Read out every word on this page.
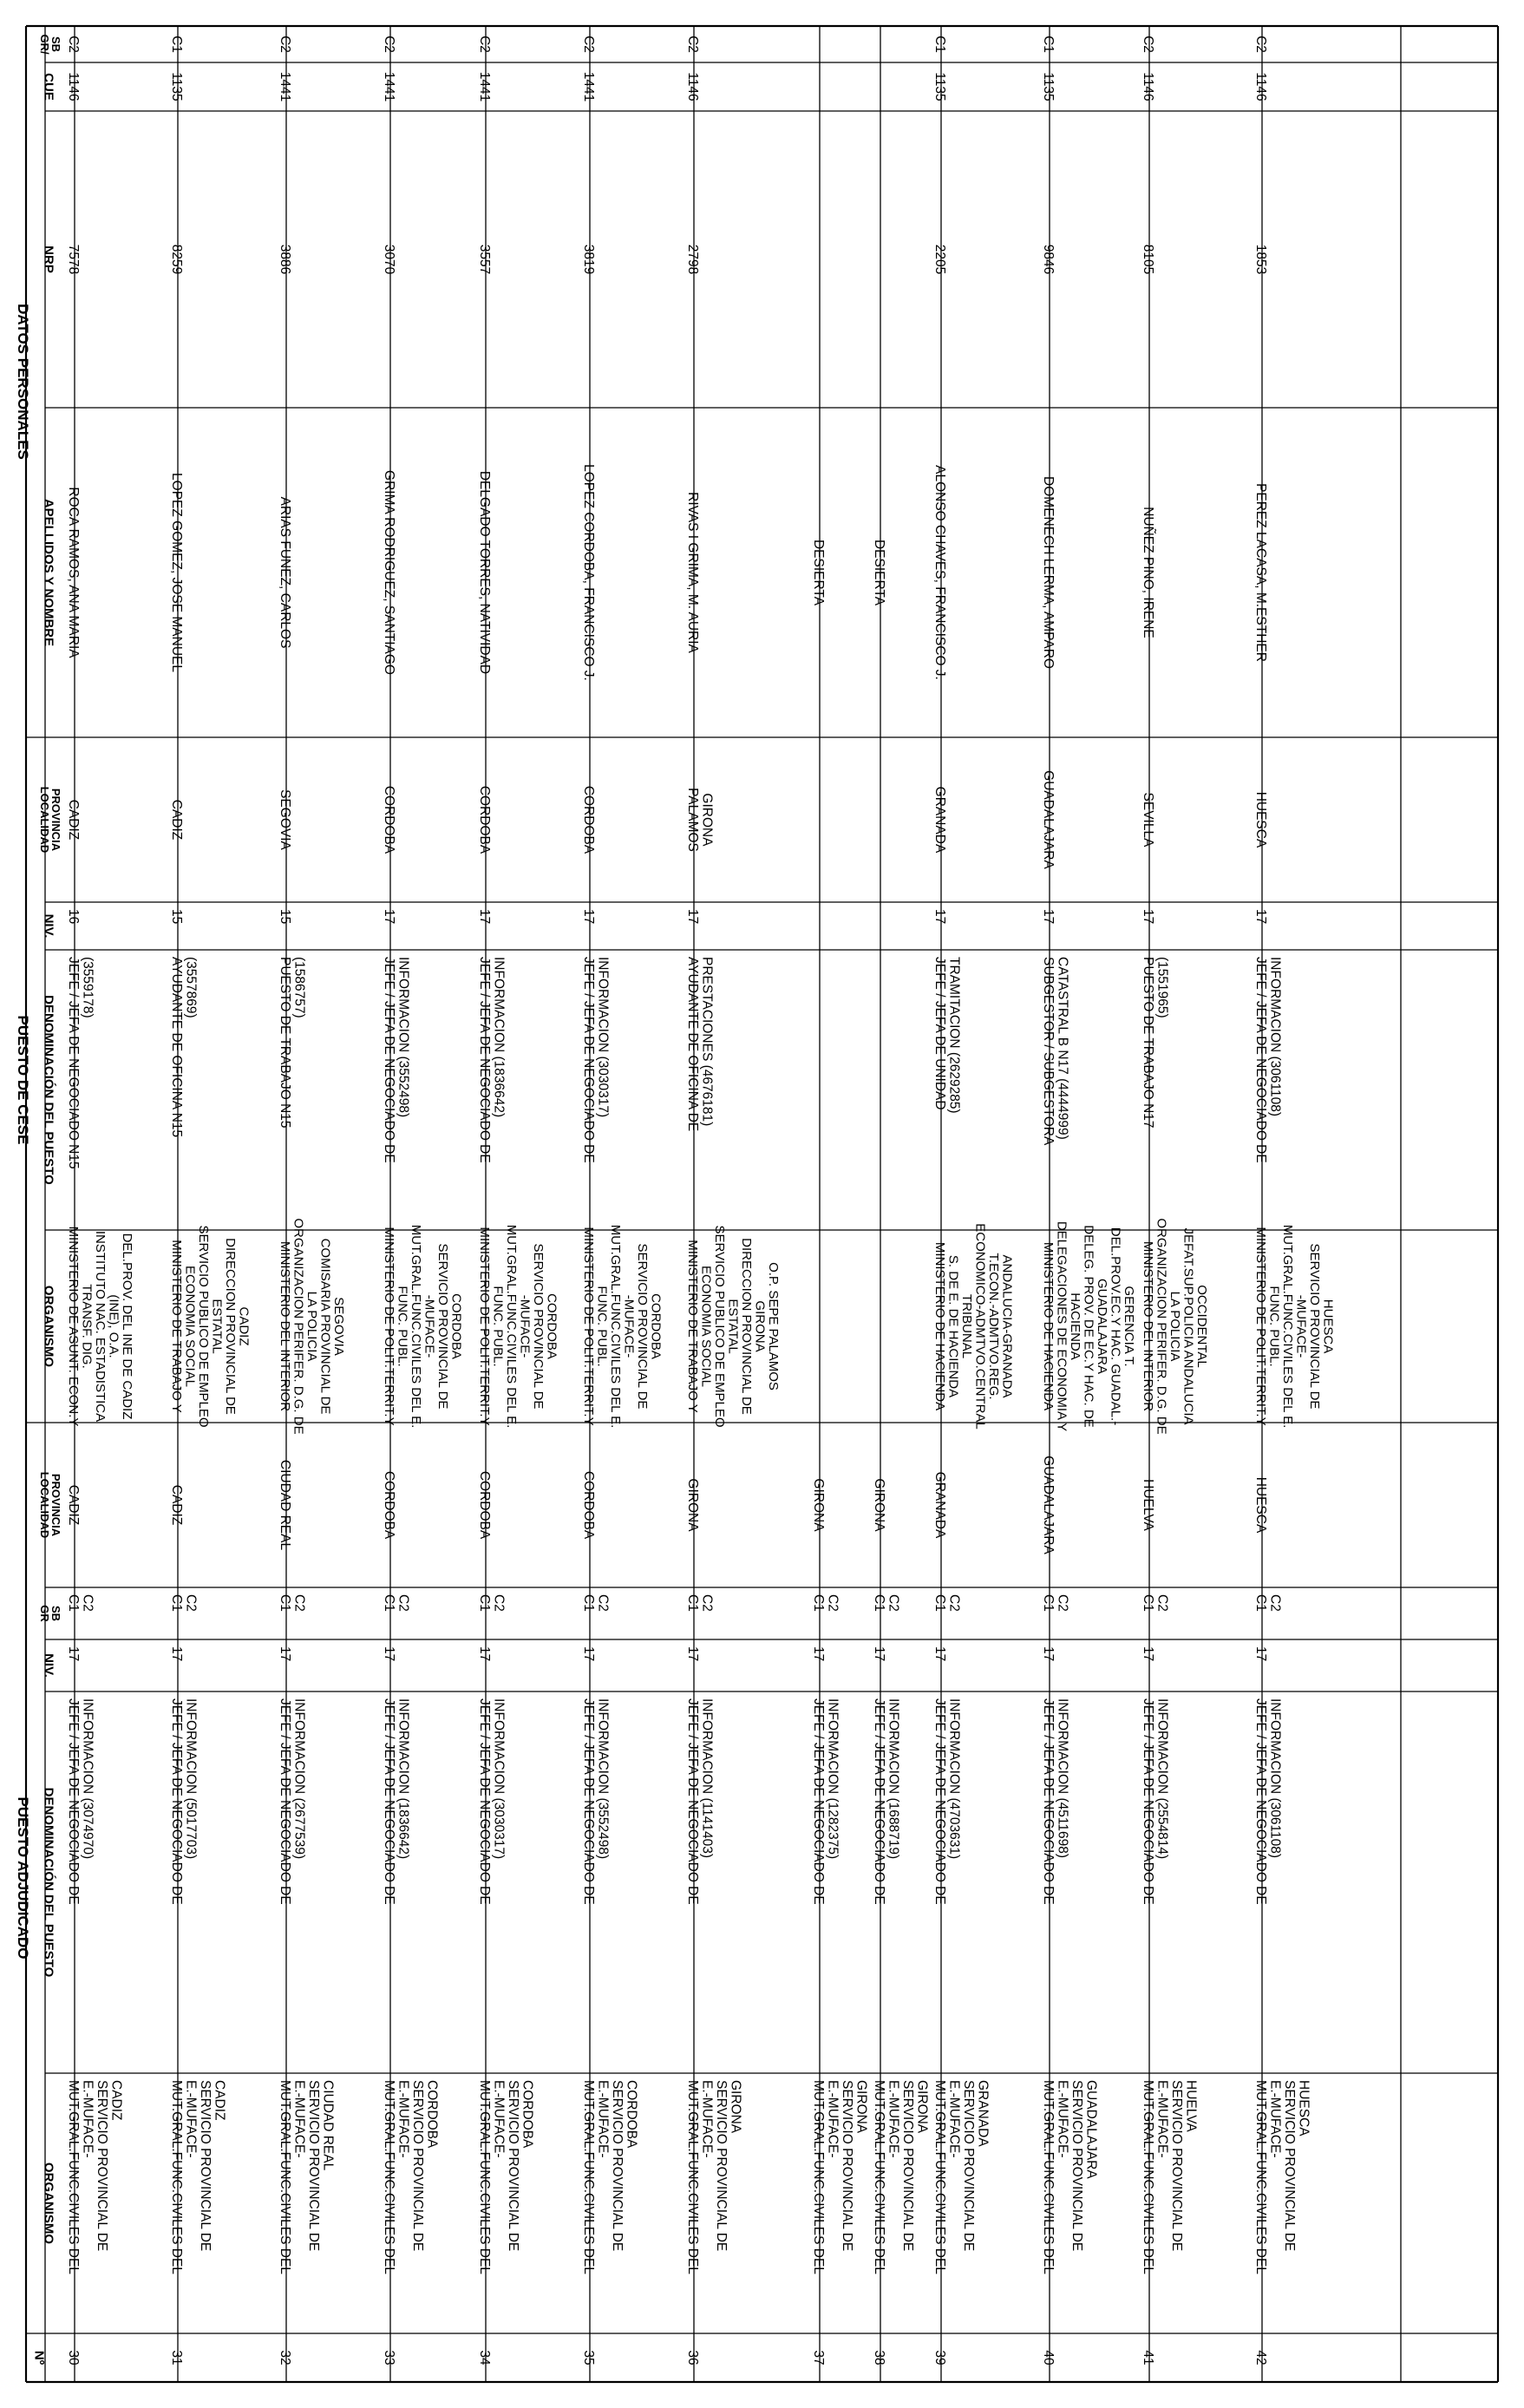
DATOS PERSONALES
PUESTO DE CESE
PUESTO ADJUDICADO
GR/
SB
CUE
NRP
APELLIDOS Y NOMBRE
LOCALIDAD
PROVINCIA
NIV.
DENOMINACIÓN DEL PUESTO
ORGANISMO
LOCALIDAD
PROVINCIA
GR
SB
NIV.
DENOMINACIÓN DEL PUESTO
ORGANISMO
Nº 30
MUT.GRAL.FUNC.CIVILES DEL E.-MUFACE- SERVICIO PROVINCIAL DE CADIZ
JEFE / JEFA DE NEGOCIADO DE INFORMACION (3074970)
17
C1 C2
CADIZ
MINISTERIO DE ASUNT. ECON.Y
TRANSF. DIG.
INSTITUTO NAC. ESTADISTICA
(INE), O.A.
DEL.PROV. DEL INE DE CADIZ
JEFE / JEFA DE NEGOCIADO N15 (3559178)
16
CADIZ
ROCA RAMOS, ANA MARIA
7578
1146
C2
31
MUT.GRAL.FUNC.CIVILES DEL E.-MUFACE- SERVICIO PROVINCIAL DE CADIZ
JEFE / JEFA DE NEGOCIADO DE INFORMACION (5017703)
17
C1 C2
CADIZ
MINISTERIO DE TRABAJO Y
ECONOMIA SOCIAL
SERVICIO PUBLICO DE EMPLEO
ESTATAL
DIRECCION PROVINCIAL DE
CADIZ
AYUDANTE DE OFICINA N15 (3557869)
15
CADIZ
LOPEZ GOMEZ, JOSE MANUEL
8259
1135
C1
32
MUT.GRAL.FUNC.CIVILES DEL E.-MUFACE- SERVICIO PROVINCIAL DE CIUDAD REAL
JEFE / JEFA DE NEGOCIADO DE INFORMACION (2677539)
17
C1 C2
CIUDAD REAL
MINISTERIO DEL INTERIOR
ORGANIZACION PERIFER. D.G. DE
LA POLICIA
COMISARIA PROVINCIAL DE
SEGOVIA
PUESTO DE TRABAJO N15 (1586757)
15
SEGOVIA
ARIAS FUNEZ, CARLOS
3886
1441
C2
33
MUT.GRAL.FUNC.CIVILES DEL E.-MUFACE- SERVICIO PROVINCIAL DE CORDOBA
JEFE / JEFA DE NEGOCIADO DE INFORMACION (1836642)
17
C1 C2
CORDOBA
MINISTERIO DE POLIT.TERRIT.Y
FUNC. PUBL.
MUT.GRAL.FUNC.CIVILES DEL E.
-MUFACE-
SERVICIO PROVINCIAL DE
CORDOBA
JEFE / JEFA DE NEGOCIADO DE INFORMACION (3552498)
17
CORDOBA
GRIMA RODRIGUEZ, SANTIAGO
3070
1441
C2
34
MUT.GRAL.FUNC.CIVILES DEL E.-MUFACE- SERVICIO PROVINCIAL DE CORDOBA
JEFE / JEFA DE NEGOCIADO DE INFORMACION (3030317)
17
C1 C2
CORDOBA
MINISTERIO DE POLIT.TERRIT.Y
FUNC. PUBL.
MUT.GRAL.FUNC.CIVILES DEL E.
-MUFACE-
SERVICIO PROVINCIAL DE
CORDOBA
JEFE / JEFA DE NEGOCIADO DE INFORMACION (1836642)
17
CORDOBA
DELGADO TORRES, NATIVIDAD
3557
1441
C2
35
MUT.GRAL.FUNC.CIVILES DEL E.-MUFACE- SERVICIO PROVINCIAL DE CORDOBA
JEFE / JEFA DE NEGOCIADO DE INFORMACION (3552498)
17
C1 C2
CORDOBA
MINISTERIO DE POLIT.TERRIT.Y
FUNC. PUBL.
MUT.GRAL.FUNC.CIVILES DEL E.
-MUFACE-
SERVICIO PROVINCIAL DE
CORDOBA
JEFE / JEFA DE NEGOCIADO DE INFORMACION (3030317)
17
CORDOBA
LOPEZ CORDOBA, FRANCISCO J.
3819
1441
C2
36
MUT.GRAL.FUNC.CIVILES DEL E.-MUFACE- SERVICIO PROVINCIAL DE GIRONA
JEFE / JEFA DE NEGOCIADO DE INFORMACION (1141403)
17
C1 C2
GIRONA
MINISTERIO DE TRABAJO Y
ECONOMIA SOCIAL
SERVICIO PUBLICO DE EMPLEO
ESTATAL
DIRECCION PROVINCIAL DE
GIRONA
O.P. SEPE PALAMOS
AYUDANTE DE OFICINA DE PRESTACIONES (4676181)
17
PALAMOS GIRONA
RIVAS I GRIMA, M. AURIA
2798
1146
C2
37
MUT.GRAL.FUNC.CIVILES DEL E.-MUFACE- SERVICIO PROVINCIAL DE GIRONA
JEFE / JEFA DE NEGOCIADO DE INFORMACION (1282375)
17
C1 C2
GIRONA
DESIERTA
38
MUT.GRAL.FUNC.CIVILES DEL E.-MUFACE- SERVICIO PROVINCIAL DE GIRONA
JEFE / JEFA DE NEGOCIADO DE INFORMACION (1688719)
17
C1 C2
GIRONA
DESIERTA
39
MUT.GRAL.FUNC.CIVILES DEL E.-MUFACE- SERVICIO PROVINCIAL DE GRANADA
JEFE / JEFA DE NEGOCIADO DE INFORMACION (4703631)
17
C1 C2
GRANADA
MINISTERIO DE HACIENDA
S. DE E. DE HACIENDA
TRIBUNAL
ECONOMICO-ADMTVO.CENTRAL
T.ECON.-ADMTVO.REG.
ANDALUCIA-GRANADA
JEFE / JEFA DE UNIDAD TRAMITACION (2629285)
17
GRANADA
ALONSO CHAVES, FRANCISCO J.
2205
1135
C1
40
MUT.GRAL.FUNC.CIVILES DEL E.-MUFACE- SERVICIO PROVINCIAL DE GUADALAJARA
JEFE / JEFA DE NEGOCIADO DE INFORMACION (4511698)
17
C1 C2
GUADALAJARA
MINISTERIO DE HACIENDA
DELEGACIONES DE ECONOMIA Y
HACIENDA
DELEG. PROV. DE EC.Y HAC. DE
GUADALAJARA
DEL.PROV.EC.Y HAC. GUADAL.-
GERENCIA T.
SUBGESTOR / SUBGESTORA CATASTRAL B N17 (4444999)
17
GUADALAJARA
DOMENECH LERMA, AMPARO
9846
1135
C1
41
MUT.GRAL.FUNC.CIVILES DEL E.-MUFACE- SERVICIO PROVINCIAL DE HUELVA
JEFE / JEFA DE NEGOCIADO DE INFORMACION (2554814)
17
C1 C2
HUELVA
MINISTERIO DEL INTERIOR
ORGANIZACION PERIFER. D.G. DE
LA POLICIA
JEFAT.SUP.POLICIA ANDALUCIA
OCCIDENTAL
PUESTO DE TRABAJO N17 (1551965)
17
SEVILLA
NUÑEZ PINO, IRENE
8105
1146
C2
42
MUT.GRAL.FUNC.CIVILES DEL E.-MUFACE- SERVICIO PROVINCIAL DE HUESCA
JEFE / JEFA DE NEGOCIADO DE INFORMACION (3061108)
17
C1 C2
HUESCA
MINISTERIO DE POLIT.TERRIT.Y
FUNC. PUBL.
MUT.GRAL.FUNC.CIVILES DEL E.
-MUFACE-
SERVICIO PROVINCIAL DE
HUESCA
JEFE / JEFA DE NEGOCIADO DE INFORMACION (3061108)
17
HUESCA
PEREZ LACASA, M.ESTHER
1853
1146
C2
